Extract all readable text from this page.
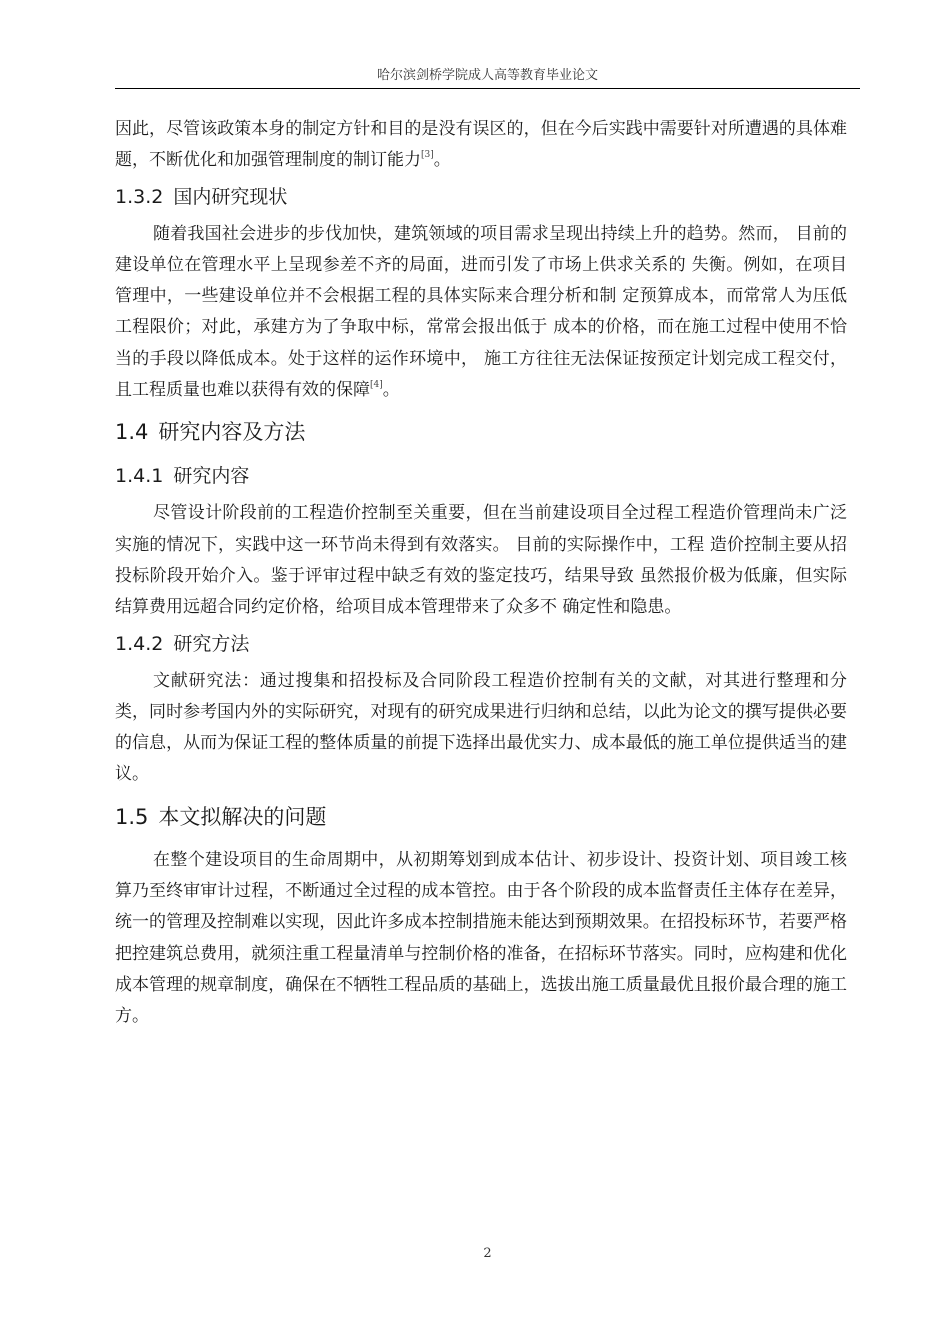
哈尔滨剑桥学院成人高等教育毕业论文

因此，尽管该政策本身的制定方针和目的是没有误区的，但在今后实践中需要针对所遭遇的具体难题，不断优化和加强管理制度的制订能力[3]。

1.3.2 国内研究现状

随着我国社会进步的步伐加快，建筑领域的项目需求呈现出持续上升的趋势。然而， 目前的建设单位在管理水平上呈现参差不齐的局面，进而引发了市场上供求关系的 失衡。例如，在项目管理中，一些建设单位并不会根据工程的具体实际来合理分析和制 定预算成本，而常常人为压低工程限价；对此，承建方为了争取中标，常常会报出低于 成本的价格，而在施工过程中使用不恰当的手段以降低成本。处于这样的运作环境中， 施工方往往无法保证按预定计划完成工程交付，且工程质量也难以获得有效的保障[4]。

1.4 研究内容及方法
1.4.1 研究内容

尽管设计阶段前的工程造价控制至关重要，但在当前建设项目全过程工程造价管理尚未广泛实施的情况下，实践中这一环节尚未得到有效落实。 目前的实际操作中，工程 造价控制主要从招投标阶段开始介入。鉴于评审过程中缺乏有效的鉴定技巧，结果导致 虽然报价极为低廉，但实际结算费用远超合同约定价格，给项目成本管理带来了众多不 确定性和隐患。

1.4.2 研究方法

文献研究法：通过搜集和招投标及合同阶段工程造价控制有关的文献，对其进行整理和分类，同时参考国内外的实际研究，对现有的研究成果进行归纳和总结，以此为论文的撰写提供必要的信息，从而为保证工程的整体质量的前提下选择出最优实力、成本最低的施工单位提供适当的建议。

1.5 本文拟解决的问题

在整个建设项目的生命周期中，从初期筹划到成本估计、初步设计、投资计划、项目竣工核算乃至终审审计过程，不断通过全过程的成本管控。由于各个阶段的成本监督责任主体存在差异，统一的管理及控制难以实现，因此许多成本控制措施未能达到预期效果。在招投标环节，若要严格把控建筑总费用，就须注重工程量清单与控制价格的准备，在招标环节落实。同时，应构建和优化成本管理的规章制度，确保在不牺牲工程品质的基础上，选拔出施工质量最优且报价最合理的施工方。

2
